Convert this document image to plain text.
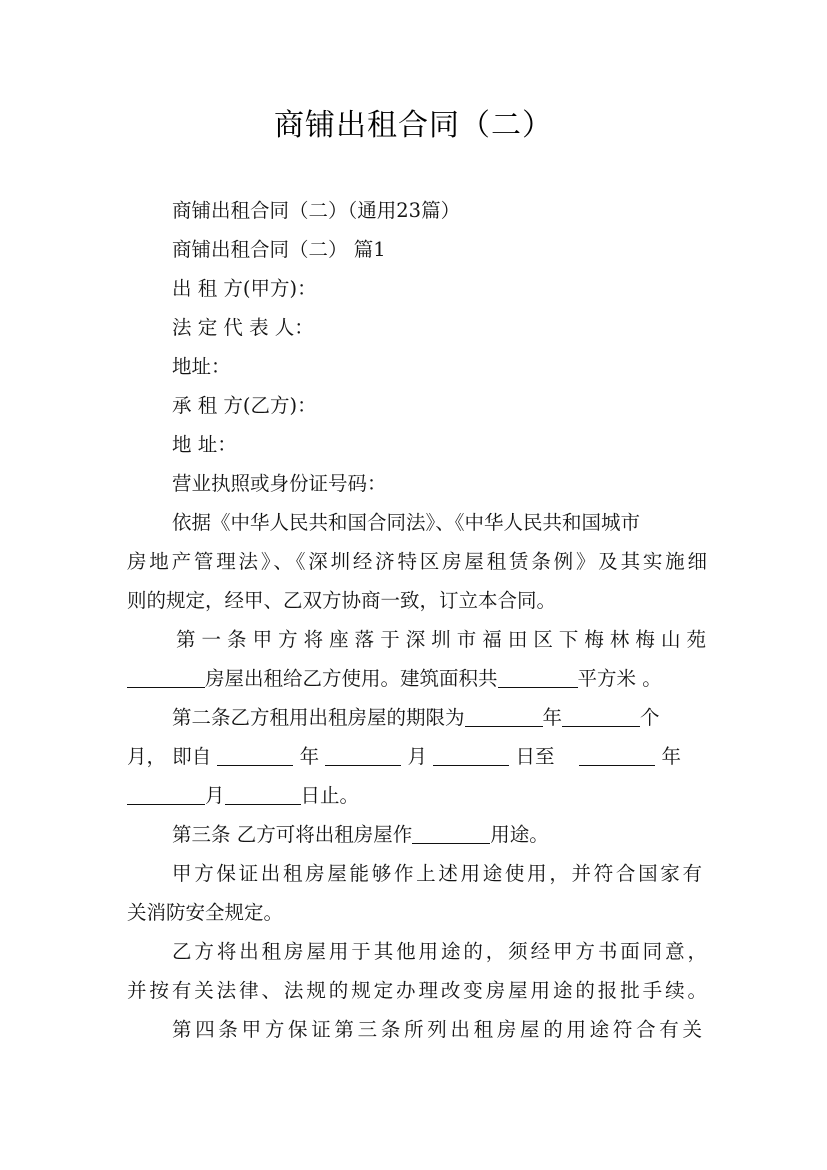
商铺出租合同（二）
商铺出租合同（二）（通用23篇）
商铺出租合同（二） 篇1
出 租 方(甲方)：
法 定 代 表 人：
地址：
承 租 方(乙方)：
地 址：
营业执照或身份证号码：
依据《中华人民共和国合同法》、《中华人民共和国城市
房地产管理法》、《深圳经济特区房屋租赁条例》及其实施细
则的规定，经甲、乙双方协商一致，订立本合同。
第一条甲方将座落于深圳市福田区下梅林梅山苑
房屋出租给乙方使用。建筑面积共	平方米 。
第二条乙方租用出租房屋的期限为	年	个
月， 即自	年	月	日至	年
月	日止。
第三条 乙方可将出租房屋作	用途。
甲方保证出租房屋能够作上述用途使用，并符合国家有
关消防安全规定。
乙方将出租房屋用于其他用途的，须经甲方书面同意，
并按有关法律、法规的规定办理改变房屋用途的报批手续。
第四条甲方保证第三条所列出租房屋的用途符合有关
